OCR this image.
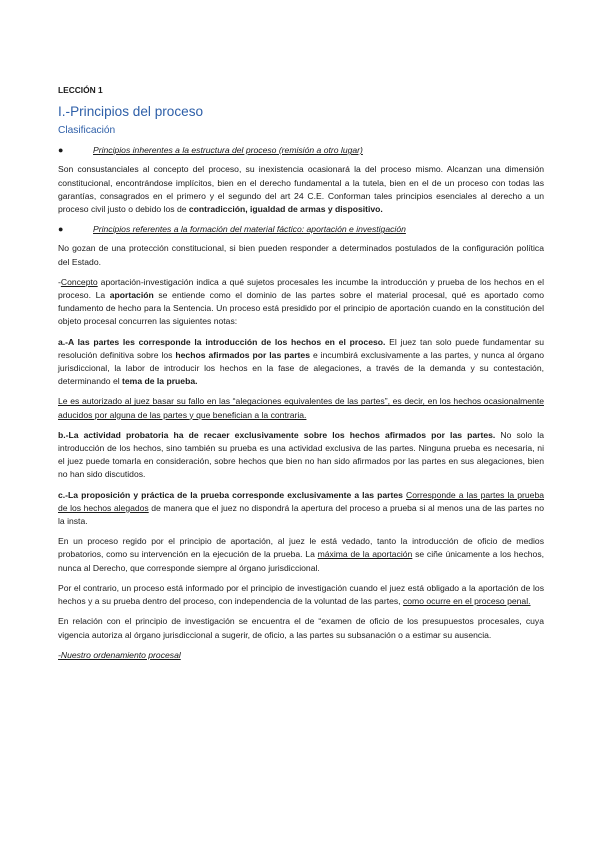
LECCIÓN 1
I.-Principios del proceso
Clasificación
●	Principios inherentes a la estructura del proceso (remisión a otro lugar)

Son consustanciales al concepto del proceso, su inexistencia ocasionará la del proceso mismo. Alcanzan una dimensión constitucional, encontrándose implícitos, bien en el derecho fundamental a la tutela, bien en el de un proceso con todas las garantías, consagrados en el primero y el segundo del art 24 C.E. Conforman tales principios esenciales al derecho a un proceso civil justo o debido los de contradicción, igualdad de armas y dispositivo.

●	Principios referentes a la formación del material fáctico: aportación e investigación

No gozan de una protección constitucional, si bien pueden responder a determinados postulados de la configuración política del Estado.

-Concepto aportación-investigación indica a qué sujetos procesales les incumbe la introducción y prueba de los hechos en el proceso. La aportación se entiende como el dominio de las partes sobre el material procesal, qué es aportado como fundamento de hecho para la Sentencia. Un proceso está presidido por el principio de aportación cuando en la constitución del objeto procesal concurren las siguientes notas:

a.-A las partes les corresponde la introducción de los hechos en el proceso. El juez tan solo puede fundamentar su resolución definitiva sobre los hechos afirmados por las partes e incumbirá exclusivamente a las partes, y nunca al órgano jurisdiccional, la labor de introducir los hechos en la fase de alegaciones, a través de la demanda y su contestación, determinando el tema de la prueba.

Le es autorizado al juez basar su fallo en las “alegaciones equivalentes de las partes”, es decir, en los hechos ocasionalmente aducidos por alguna de las partes y que benefician a la contraria.

b.-La actividad probatoria ha de recaer exclusivamente sobre los hechos afirmados por las partes. No solo la introducción de los hechos, sino también su prueba es una actividad exclusiva de las partes. Ninguna prueba es necesaria, ni el juez puede tomarla en consideración, sobre hechos que bien no han sido afirmados por las partes en sus alegaciones, bien no han sido discutidos.

c.-La proposición y práctica de la prueba corresponde exclusivamente a las partes Corresponde a las partes la prueba de los hechos alegados de manera que el juez no dispondrá la apertura del proceso a prueba si al menos una de las partes no la insta.

En un proceso regido por el principio de aportación, al juez le está vedado, tanto la introducción de oficio de medios probatorios, como su intervención en la ejecución de la prueba. La máxima de la aportación se ciñe únicamente a los hechos, nunca al Derecho, que corresponde siempre al órgano jurisdiccional.

Por el contrario, un proceso está informado por el principio de investigación cuando el juez está obligado a la aportación de los hechos y a su prueba dentro del proceso, con independencia de la voluntad de las partes, como ocurre en el proceso penal.

En relación con el principio de investigación se encuentra el de “examen de oficio de los presupuestos procesales, cuya vigencia autoriza al órgano jurisdiccional a sugerir, de oficio, a las partes su subsanación o a estimar su ausencia.

-Nuestro ordenamiento procesal
